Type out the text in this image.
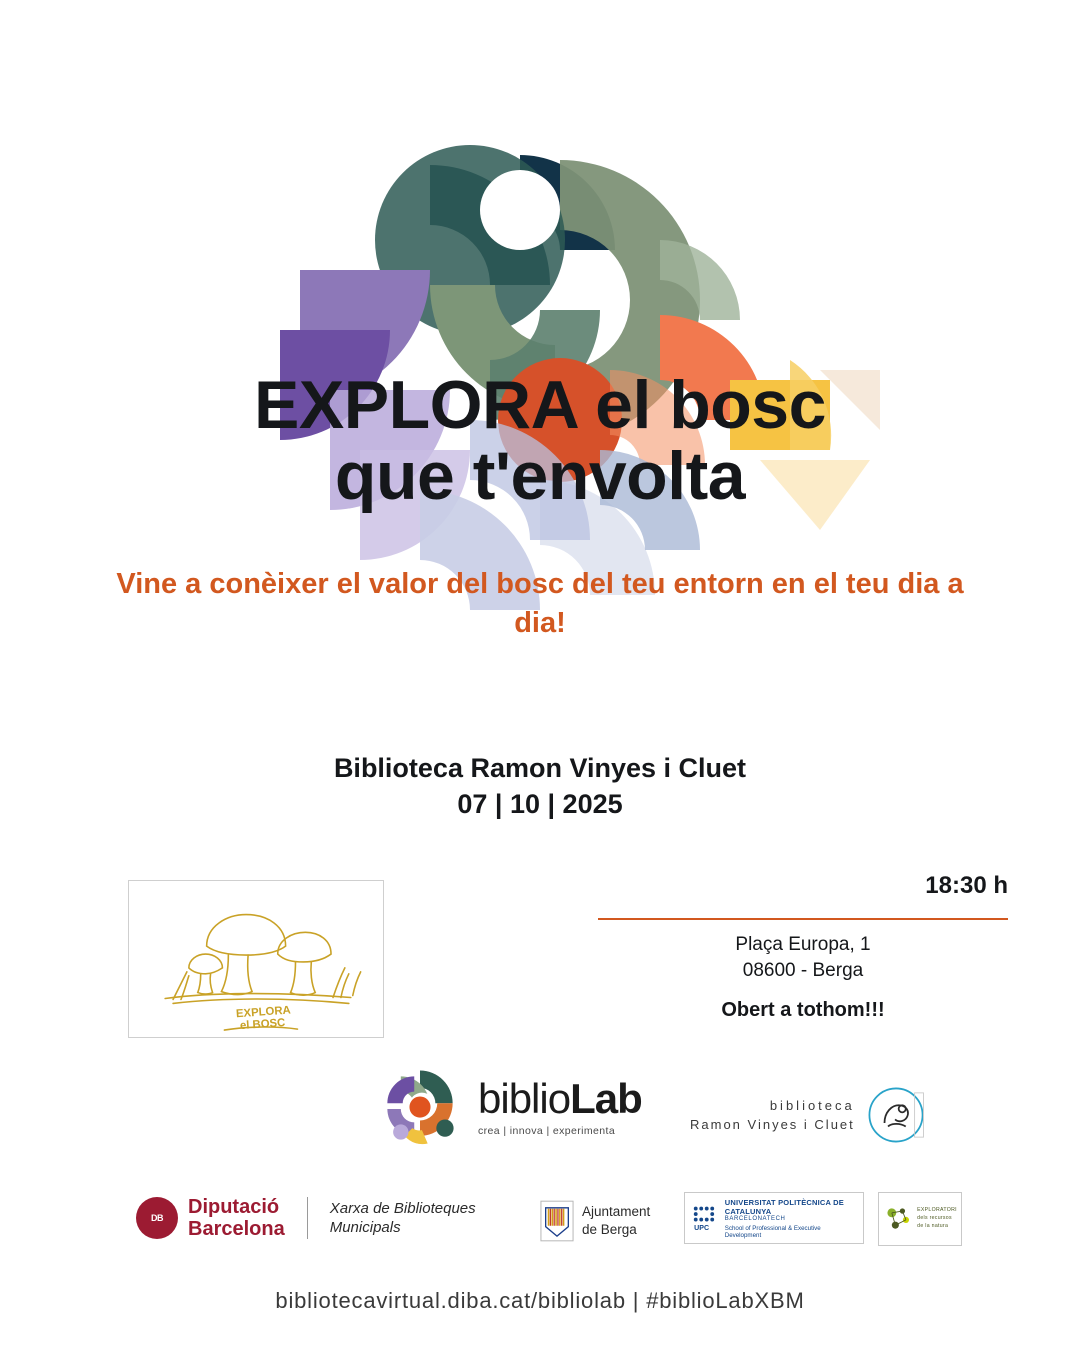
EXPLORA el bosc
que t'envolta
Vine a conèixer el valor del bosc del teu entorn en el teu dia a dia!
Biblioteca Ramon Vinyes i Cluet
07 | 10 | 2025
18:30 h
Plaça Europa, 1
08600 - Berga
Obert a tothom!!!
EXPLORA
el BOSC
biblioLab
crea | innova | experimenta
biblioteca
Ramon Vinyes i Cluet
DB
Diputació
Barcelona
Xarxa de Biblioteques
Municipals
Ajuntament
de Berga	UPC
UNIVERSITAT POLITÈCNICA DE CATALUNYA
BARCELONATECH
School of Professional & Executive Development
EXPLORATORI
dels recursos
de la natura
bibliotecavirtual.diba.cat/bibliolab | #biblioLabXBM
